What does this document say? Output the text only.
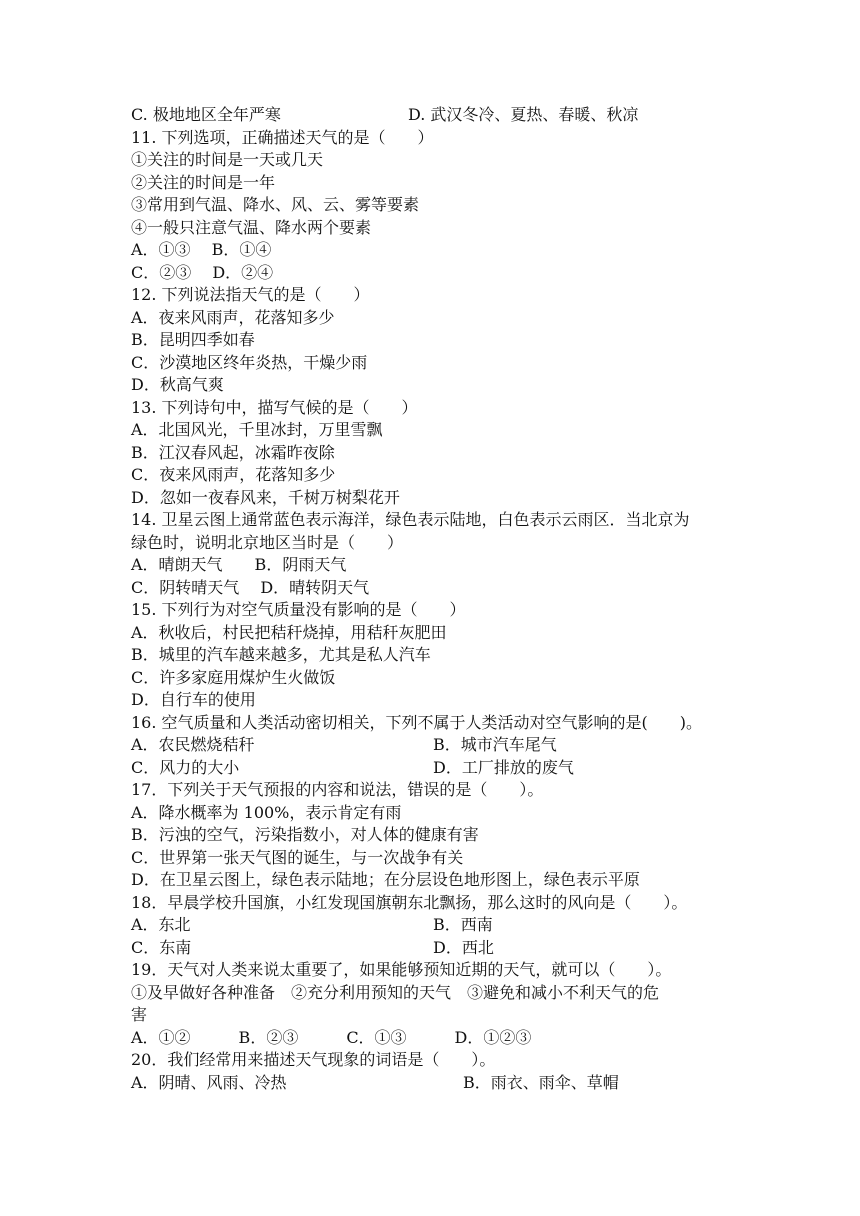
C. 极地地区全年严寒	D. 武汉冬冷、夏热、春暖、秋凉
11. 下列选项，正确描述天气的是（　　）
①关注的时间是一天或几天
②关注的时间是一年
③常用到气温、降水、风、云、雾等要素
④一般只注意气温、降水两个要素
A．①③　 B．①④
C．②③　 D．②④
12. 下列说法指天气的是（　　）
A．夜来风雨声，花落知多少
B．昆明四季如春
C．沙漠地区终年炎热，干燥少雨
D．秋高气爽
13. 下列诗句中，描写气候的是（　　）
A．北国风光，千里冰封，万里雪飘
B．江汉春风起，冰霜昨夜除
C．夜来风雨声，花落知多少
D．忽如一夜春风来，千树万树梨花开
14. 卫星云图上通常蓝色表示海洋，绿色表示陆地，白色表示云雨区．当北京为
绿色时，说明北京地区当时是（　　）
A．晴朗天气　　B．阴雨天气
C．阴转晴天气　 D．晴转阴天气
15. 下列行为对空气质量没有影响的是（　　）
A．秋收后，村民把秸秆烧掉，用秸秆灰肥田
B．城里的汽车越来越多，尤其是私人汽车
C．许多家庭用煤炉生火做饭
D．自行车的使用
16. 空气质量和人类活动密切相关，下列不属于人类活动对空气影响的是(　　)。
A．农民燃烧秸秆	B．城市汽车尾气
C．风力的大小	D．工厂排放的废气
17．下列关于天气预报的内容和说法，错误的是（　　）。
A．降水概率为 100%，表示肯定有雨
B．污浊的空气，污染指数小，对人体的健康有害
C．世界第一张天气图的诞生，与一次战争有关
D．在卫星云图上，绿色表示陆地；在分层设色地形图上，绿色表示平原
18．早晨学校升国旗，小红发现国旗朝东北飘扬，那么这时的风向是（　　）。
A．东北	B．西南
C．东南	D．西北
19．天气对人类来说太重要了，如果能够预知近期的天气，就可以（　　）。
①及早做好各种准备　②充分利用预知的天气　③避免和减小不利天气的危
害
A．①②　　　B．②③　　　C．①③　　　D．①②③
20．我们经常用来描述天气现象的词语是（　　）。
A．阴晴、风雨、冷热	B．雨衣、雨伞、草帽
